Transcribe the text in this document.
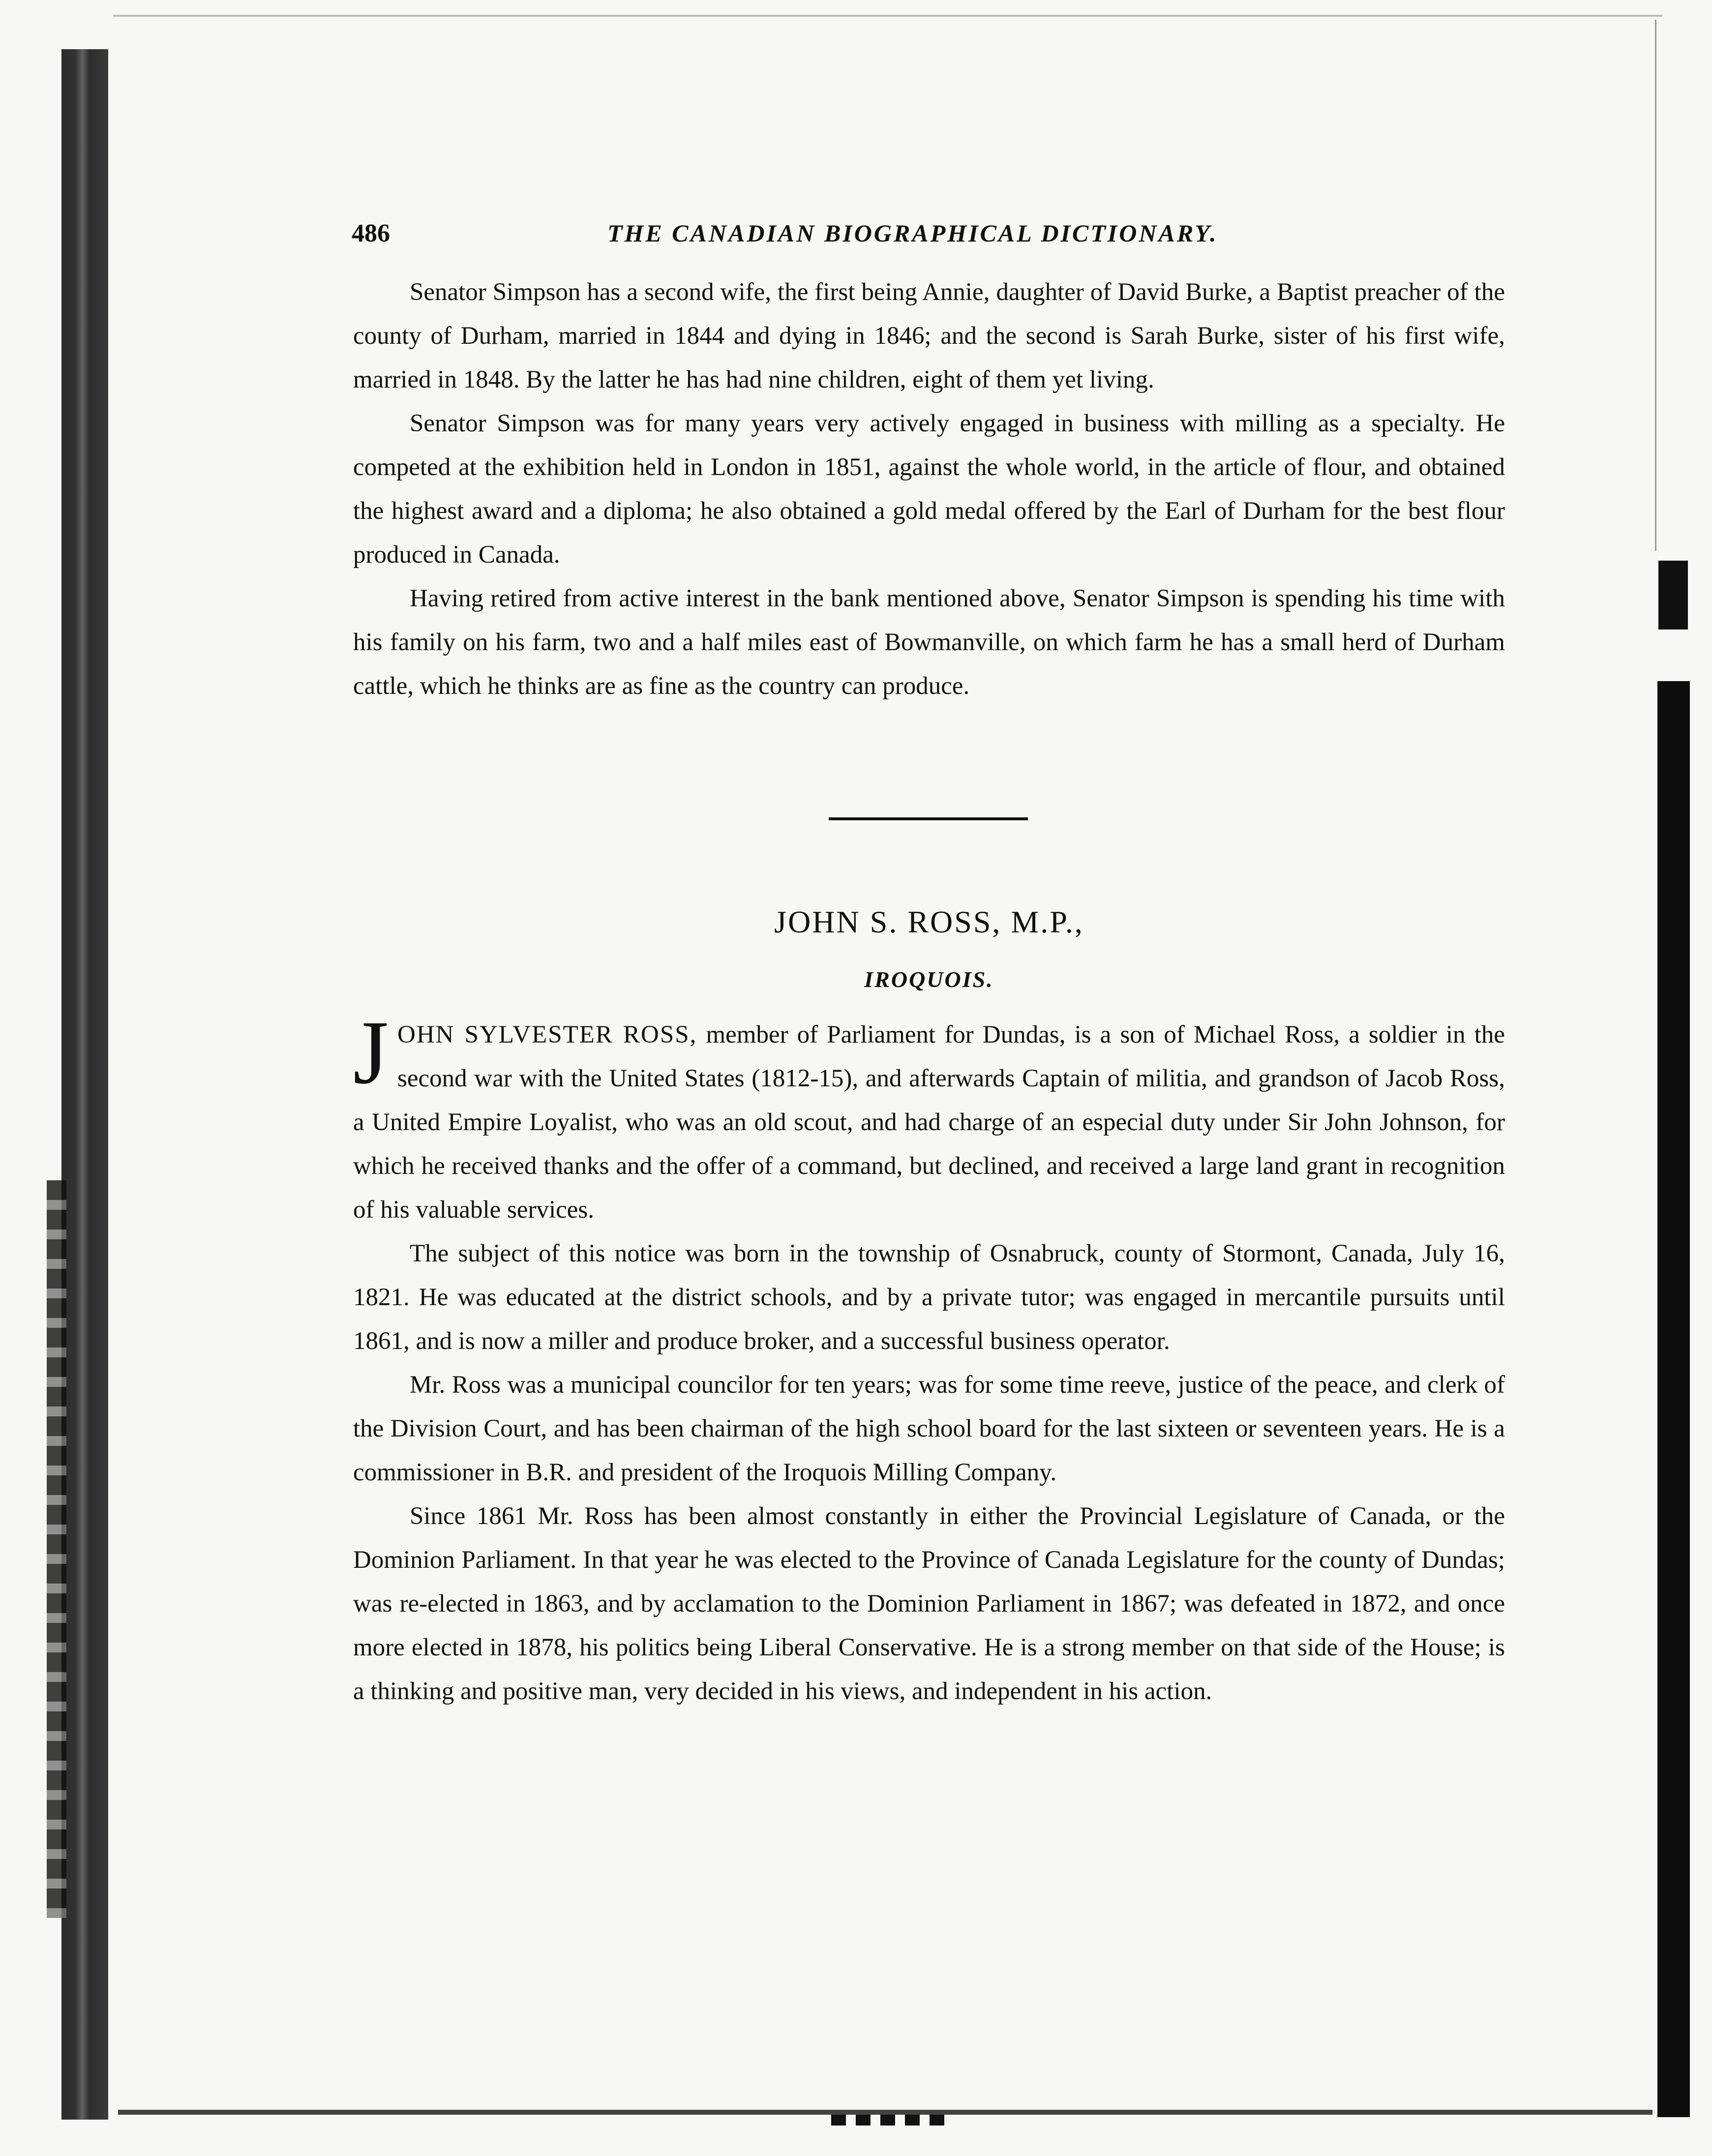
486	THE CANADIAN BIOGRAPHICAL DICTIONARY.

Senator Simpson has a second wife, the first being Annie, daughter of David Burke, a Baptist preacher of the county of Durham, married in 1844 and dying in 1846; and the second is Sarah Burke, sister of his first wife, married in 1848. By the latter he has had nine children, eight of them yet living.

Senator Simpson was for many years very actively engaged in business with milling as a specialty. He competed at the exhibition held in London in 1851, against the whole world, in the article of flour, and obtained the highest award and a diploma; he also obtained a gold medal offered by the Earl of Durham for the best flour produced in Canada.

Having retired from active interest in the bank mentioned above, Senator Simpson is spending his time with his family on his farm, two and a half miles east of Bowmanville, on which farm he has a small herd of Durham cattle, which he thinks are as fine as the country can produce.

JOHN S. ROSS, M.P.,
IROQUOIS.

JOHN SYLVESTER ROSS, member of Parliament for Dundas, is a son of Michael Ross, a soldier in the second war with the United States (1812-15), and afterwards Captain of militia, and grandson of Jacob Ross, a United Empire Loyalist, who was an old scout, and had charge of an especial duty under Sir John Johnson, for which he received thanks and the offer of a command, but declined, and received a large land grant in recognition of his valuable services.

The subject of this notice was born in the township of Osnabruck, county of Stormont, Canada, July 16, 1821. He was educated at the district schools, and by a private tutor; was engaged in mercantile pursuits until 1861, and is now a miller and produce broker, and a successful business operator.

Mr. Ross was a municipal councilor for ten years; was for some time reeve, justice of the peace, and clerk of the Division Court, and has been chairman of the high school board for the last sixteen or seventeen years. He is a commissioner in B.R. and president of the Iroquois Milling Company.

Since 1861 Mr. Ross has been almost constantly in either the Provincial Legislature of Canada, or the Dominion Parliament. In that year he was elected to the Province of Canada Legislature for the county of Dundas; was re-elected in 1863, and by acclamation to the Dominion Parliament in 1867; was defeated in 1872, and once more elected in 1878, his politics being Liberal Conservative. He is a strong member on that side of the House; is a thinking and positive man, very decided in his views, and independent in his action.
